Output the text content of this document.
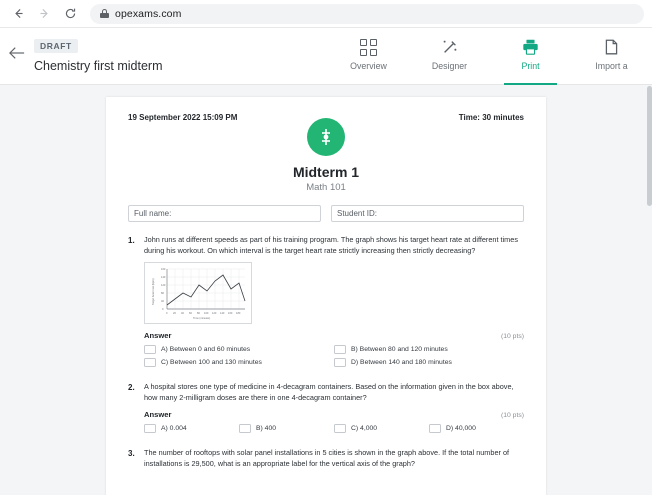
opexams.com
DRAFT
Chemistry first midterm	Overview	Designer	Print	Import a
19 September 2022 15:09 PM	Time: 30 minutes
Midterm 1
Math 101
Full name:	Student ID:
1.	John runs at different speeds as part of his training program. The graph shows his target heart rate at different times during his workout. On which interval is the target heart rate strictly increasing then strictly decreasing?
160
140
120
80
40
0
0 20 40 60 80 100 120 140 160 180
Time (minutes)
Target heart rate (bpm)
Answer	(10 pts)
A) Between 0 and 60 minutes	B) Between 80 and 120 minutes
C) Between 100 and 130 minutes	D) Between 140 and 180 minutes
2.	A hospital stores one type of medicine in 4-decagram containers. Based on the information given in the box above, how many 2-milligram doses are there in one 4-decagram container?
Answer	(10 pts)
A) 0.004	B) 400	C) 4,000	D) 40,000
3.	The number of rooftops with solar panel installations in 5 cities is shown in the graph above. If the total number of installations is 29,500, what is an appropriate label for the vertical axis of the graph?
